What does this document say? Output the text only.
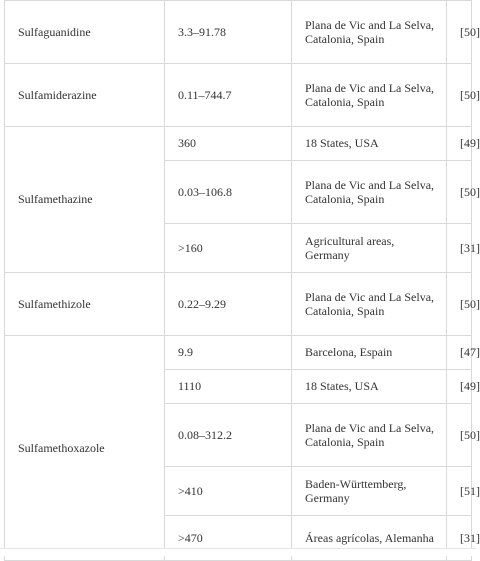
Sulfaguanidine	3.3–91.78	Plana de Vic and La Selva, Catalonia, Spain	[50]
Sulfamiderazine	0.11–744.7	Plana de Vic and La Selva, Catalonia, Spain	[50]
Sulfamethazine	360	18 States, USA	[49]
	0.03–106.8	Plana de Vic and La Selva, Catalonia, Spain	[50]
	>160	Agricultural areas, Germany	[31]
Sulfamethizole	0.22–9.29	Plana de Vic and La Selva, Catalonia, Spain	[50]
Sulfamethoxazole	9.9	Barcelona, Espain	[47]
	1110	18 States, USA	[49]
	0.08–312.2	Plana de Vic and La Selva, Catalonia, Spain	[50]
	>410	Baden-Württemberg, Germany	[51]
	>470	Áreas agrícolas, Alemanha	[31]
